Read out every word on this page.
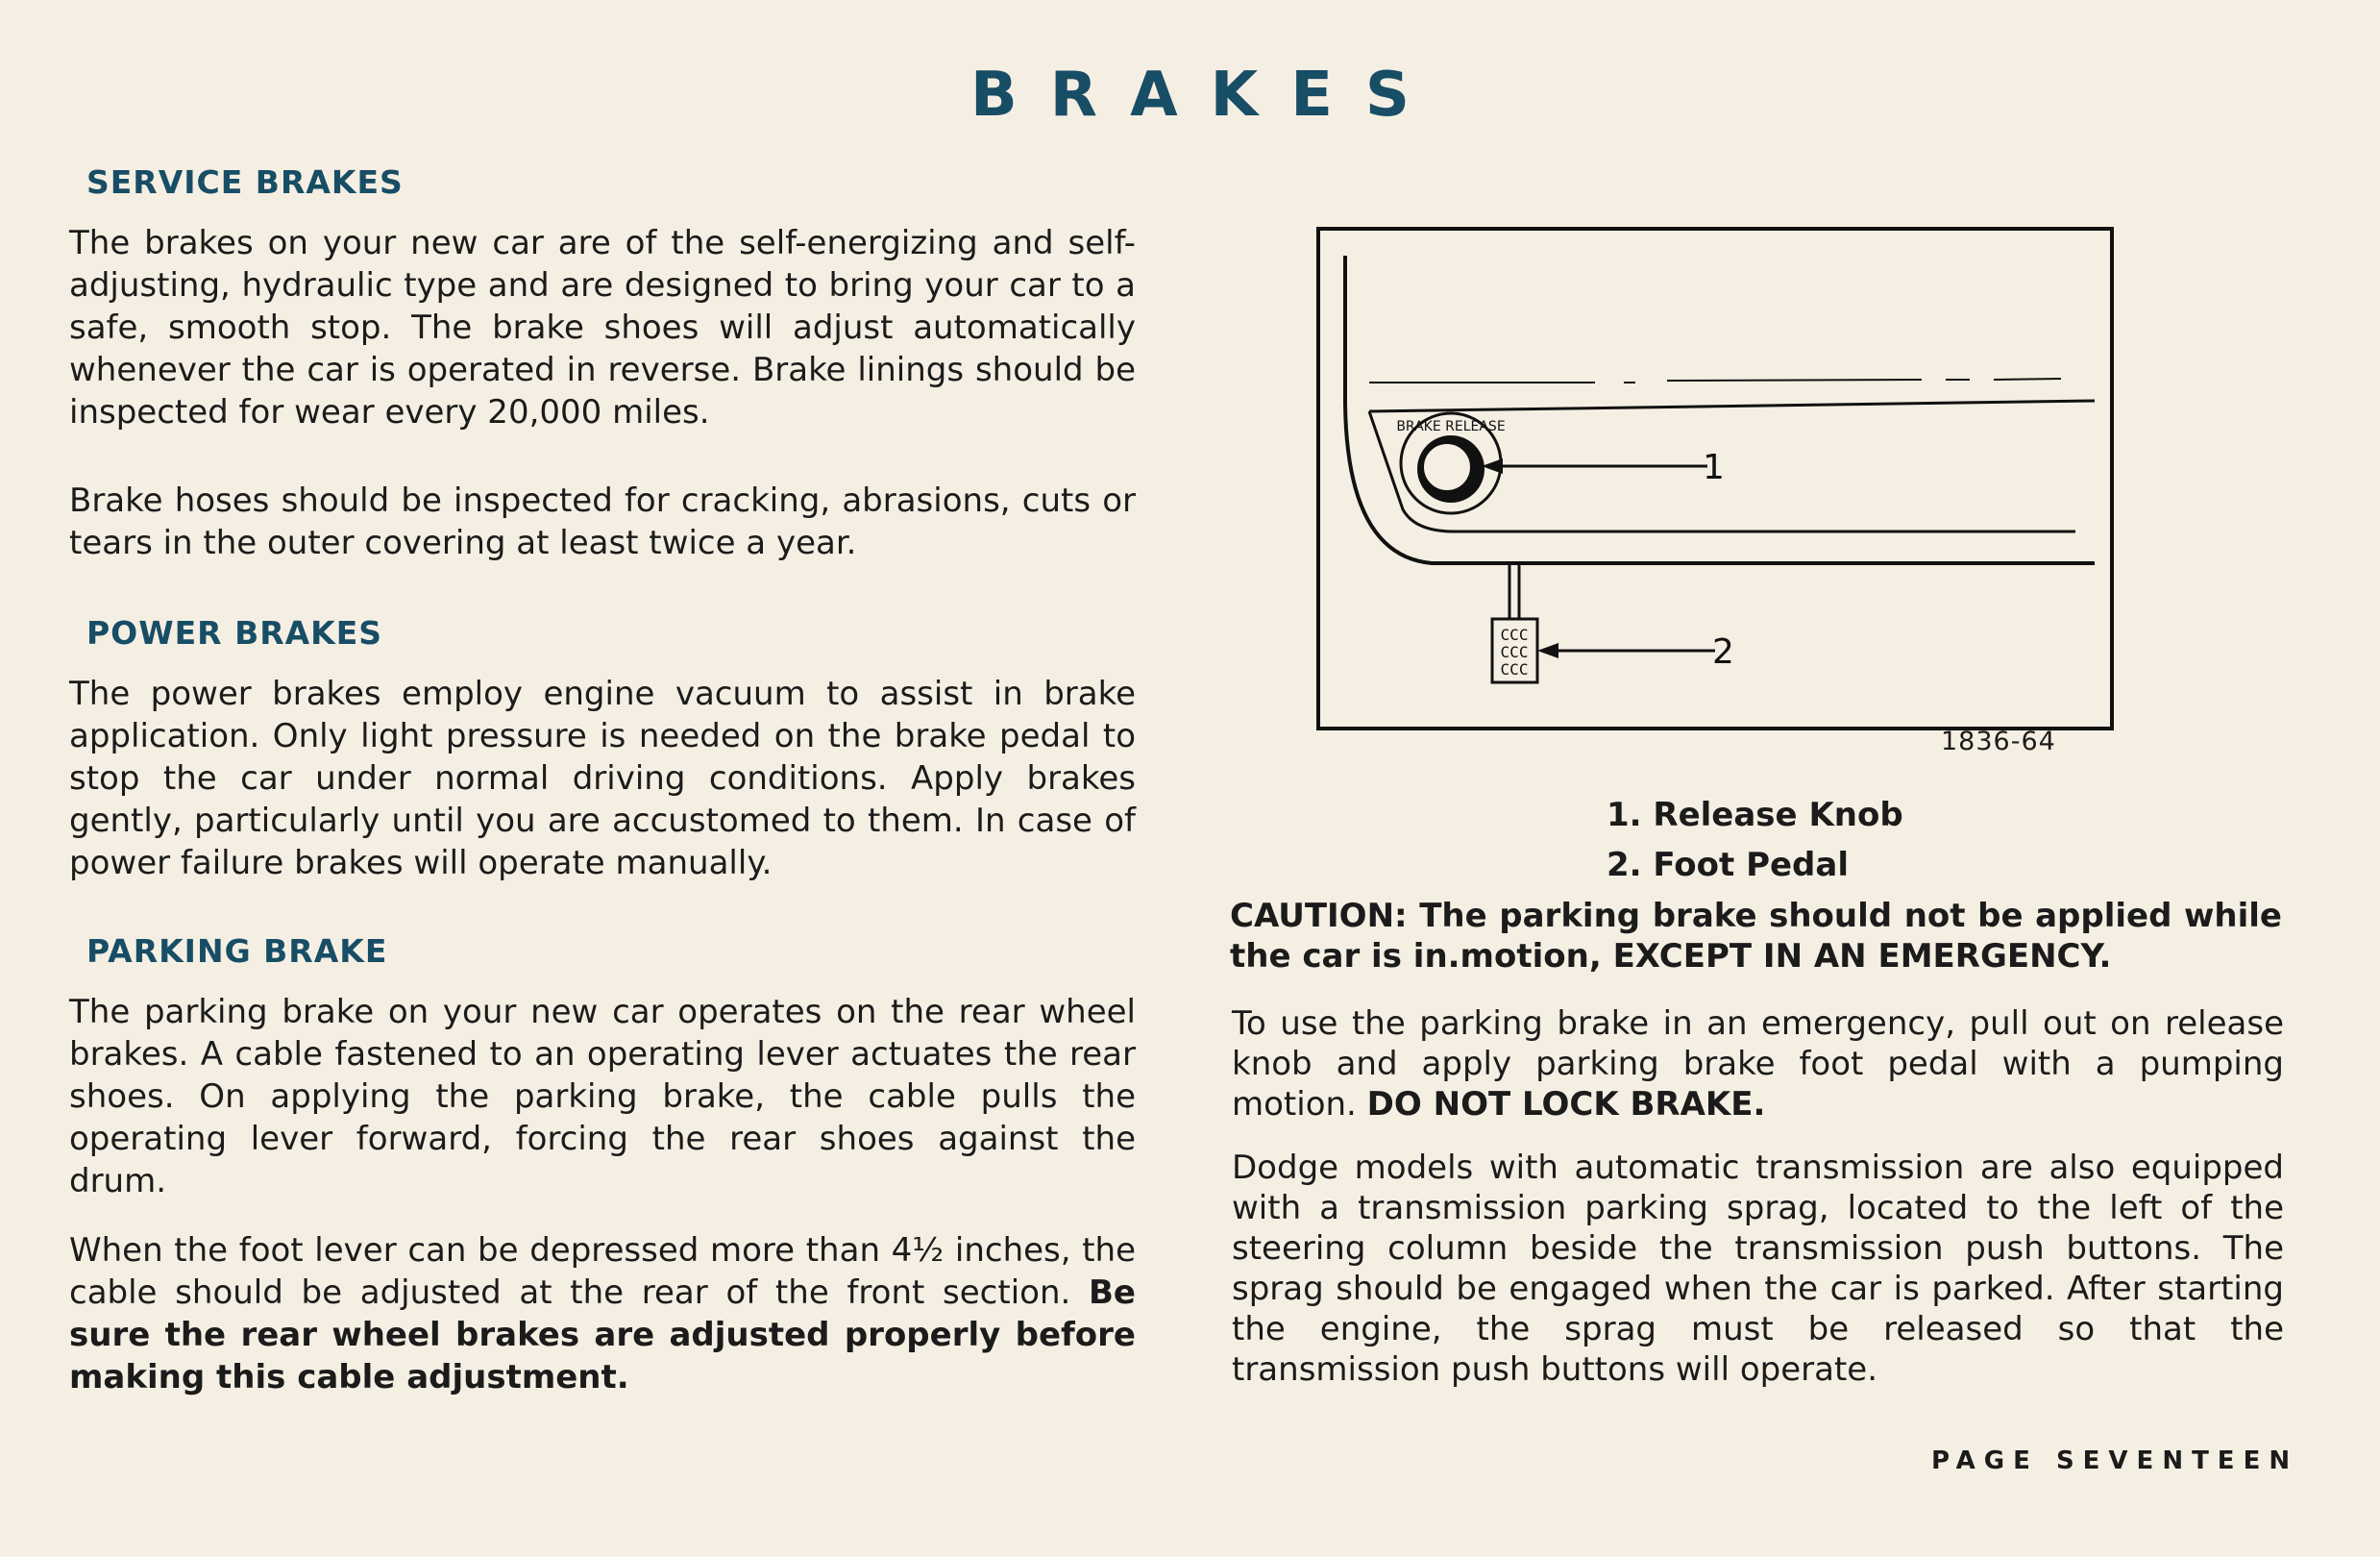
BRAKES
SERVICE BRAKES

The brakes on your new car are of the self-energizing and self-adjusting, hydraulic type and are designed to bring your car to a safe, smooth stop. The brake shoes will adjust automatically whenever the car is operated in reverse. Brake linings should be inspected for wear every 20,000 miles.

Brake hoses should be inspected for cracking, abrasions, cuts or tears in the outer covering at least twice a year.

POWER BRAKES

The power brakes employ engine vacuum to assist in brake application. Only light pressure is needed on the brake pedal to stop the car under normal driving conditions. Apply brakes gently, particularly until you are accustomed to them. In case of power failure brakes will operate manually.

PARKING BRAKE

The parking brake on your new car operates on the rear wheel brakes. A cable fastened to an operating lever actuates the rear shoes. On applying the parking brake, the cable pulls the operating lever forward, forcing the rear shoes against the drum.

When the foot lever can be depressed more than 4½ inches, the cable should be adjusted at the rear of the front section. Be sure the rear wheel brakes are adjusted properly before making this cable adjustment.

BRAKE RELEASE
1
CCC
CCC
CCC	2
1836-64
1. Release Knob
2. Foot Pedal
CAUTION: The parking brake should not be applied while the car is in.motion, EXCEPT IN AN EMERGENCY.
To use the parking brake in an emergency, pull out on release knob and apply parking brake foot pedal with a pumping motion. DO NOT LOCK BRAKE.
Dodge models with automatic transmission are also equipped with a transmission parking sprag, located to the left of the steering column beside the transmission push buttons. The sprag should be engaged when the car is parked. After starting the engine, the sprag must be released so that the transmission push buttons will operate.
PAGE SEVENTEEN
